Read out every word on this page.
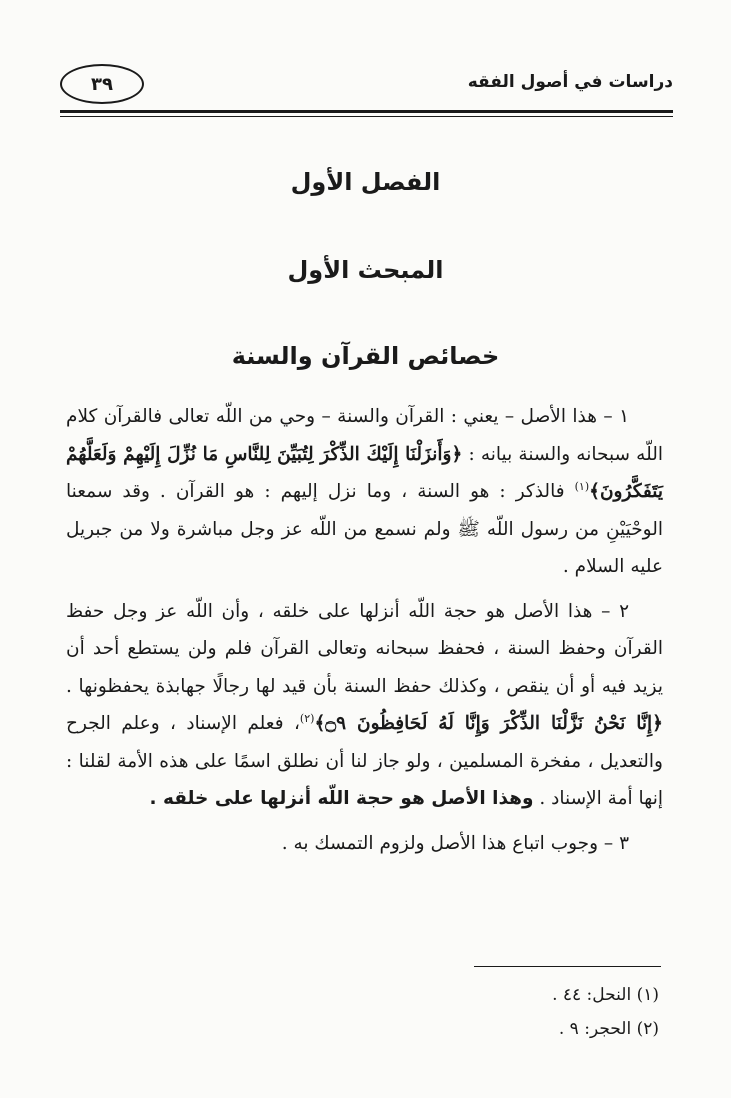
دراسات في أصول الفقه
٣٩
الفصل الأول
المبحث الأول
خصائص القرآن والسنة

١ – هذا الأصل – يعني : القرآن والسنة – وحي من اللّه تعالى فالقرآن كلام اللّه سبحانه والسنة بيانه : ﴿وَأَنزَلْنَا إِلَيْكَ الذِّكْرَ لِتُبَيِّنَ لِلنَّاسِ مَا نُزِّلَ إِلَيْهِمْ وَلَعَلَّهُمْ يَتَفَكَّرُونَ﴾$^{(١)}$ فالذكر : هو السنة ، وما نزل إليهم : هو القرآن . وقد سمعنا الوحْيَيْنِ من رسول اللّه ﷺ ولم نسمع من اللّه عز وجل مباشرة ولا من جبريل عليه السلام .

٢ – هذا الأصل هو حجة اللّه أنزلها على خلقه ، وأن اللّه عز وجل حفظ القرآن وحفظ السنة ، فحفظ سبحانه وتعالى القرآن فلم ولن يستطع أحد أن يزيد فيه أو أن ينقص ، وكذلك حفظ السنة بأن قيد لها رجالًا جهابذة يحفظونها . ﴿إِنَّا نَحْنُ نَزَّلْنَا الذِّكْرَ وَإِنَّا لَهُ لَحَافِظُونَ ۝٩﴾$^{(٢)}$، فعلم الإسناد ، وعلم الجرح والتعديل ، مفخرة المسلمين ، ولو جاز لنا أن نطلق اسمًا على هذه الأمة لقلنا : إنها أمة الإسناد . وهذا الأصل هو حجة اللّه أنزلها على خلقه .

٣ – وجوب اتباع هذا الأصل ولزوم التمسك به .

(١) النحل: ٤٤ .
(٢) الحجر: ٩ .
